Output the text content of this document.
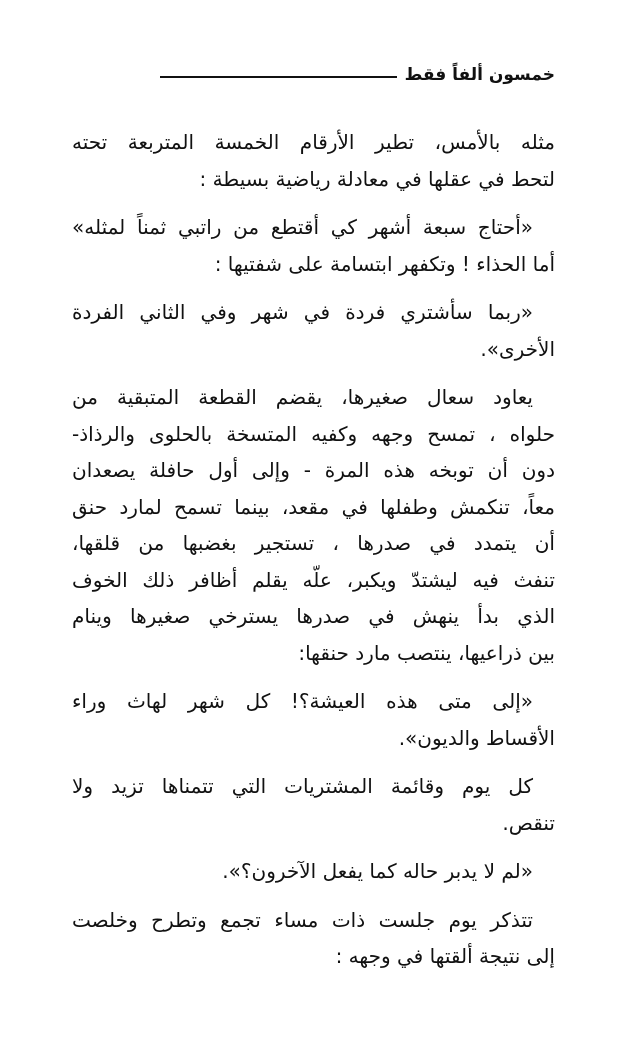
خمسون ألفاً فقط
مثله بالأمس، تطير الأرقام الخمسة المتربعة تحته
لتحط في عقلها في معادلة رياضية بسيطة :
«أحتاج سبعة أشهر كي أقتطع من راتبي ثمناً لمثله»
أما الحذاء ! وتكفهر ابتسامة على شفتيها :
«ربما سأشتري فردة في شهر وفي الثاني الفردة
الأخرى».
يعاود سعال صغيرها، يقضم القطعة المتبقية من
حلواه ، تمسح وجهه وكفيه المتسخة بالحلوى والرذاذ-
دون أن توبخه هذه المرة - وإلى أول حافلة يصعدان
معاً، تنكمش وطفلها في مقعد، بينما تسمح لمارد حنق
أن يتمدد في صدرها ، تستجير بغضبها من قلقها،
تنفث فيه ليشتدّ ويكبر، علّه يقلم أظافر ذلك الخوف
الذي بدأ ينهش في صدرها يسترخي صغيرها وينام
بين ذراعيها، ينتصب مارد حنقها:
«إلى متى هذه العيشة؟! كل شهر لهاث وراء
الأقساط والديون».
كل يوم وقائمة المشتريات التي تتمناها تزيد ولا
تنقص.
«لم لا يدبر حاله كما يفعل الآخرون؟».
تتذكر يوم جلست ذات مساء تجمع وتطرح وخلصت
إلى نتيجة ألقتها في وجهه :
